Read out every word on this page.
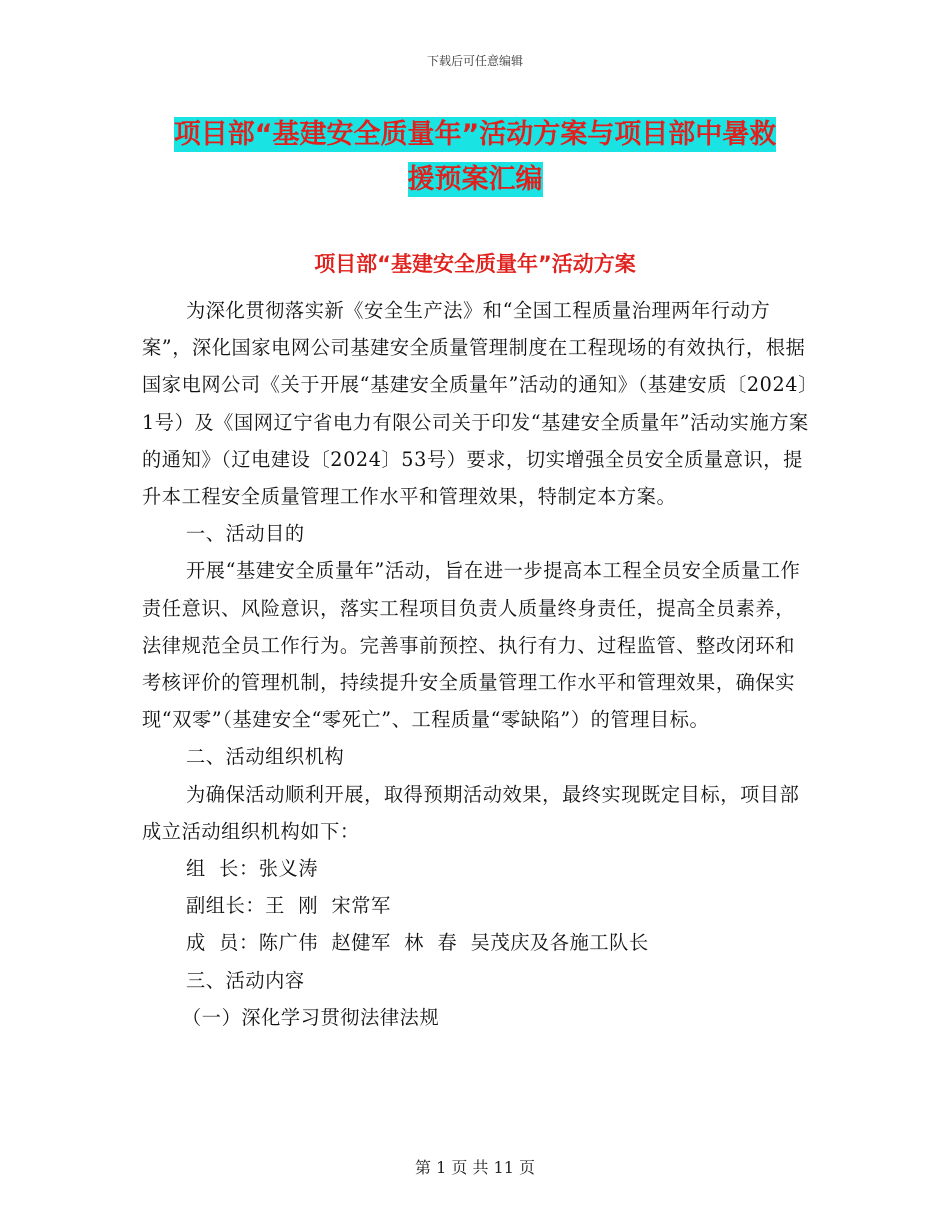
下载后可任意编辑
项目部“基建安全质量年”活动方案与项目部中暑救
援预案汇编
项目部“基建安全质量年”活动方案

为深化贯彻落实新《安全生产法》和“全国工程质量治理两年行动方案”，深化国家电网公司基建安全质量管理制度在工程现场的有效执行，根据国家电网公司《关于开展“基建安全质量年”活动的通知》（基建安质〔2024〕1号）及《国网辽宁省电力有限公司关于印发“基建安全质量年”活动实施方案的通知》（辽电建设〔2024〕53号）要求，切实增强全员安全质量意识，提升本工程安全质量管理工作水平和管理效果，特制定本方案。

一、活动目的

开展“基建安全质量年”活动，旨在进一步提高本工程全员安全质量工作责任意识、风险意识，落实工程项目负责人质量终身责任，提高全员素养，法律规范全员工作行为。完善事前预控、执行有力、过程监管、整改闭环和考核评价的管理机制，持续提升安全质量管理工作水平和管理效果，确保实现“双零”（基建安全“零死亡”、工程质量“零缺陷”）的管理目标。

二、活动组织机构

为确保活动顺利开展，取得预期活动效果，最终实现既定目标，项目部成立活动组织机构如下：

组  长：张义涛

副组长：王  刚  宋常军

成  员：陈广伟  赵健军  林  春  吴茂庆及各施工队长

三、活动内容

（一）深化学习贯彻法律法规

第 1 页 共 11 页
